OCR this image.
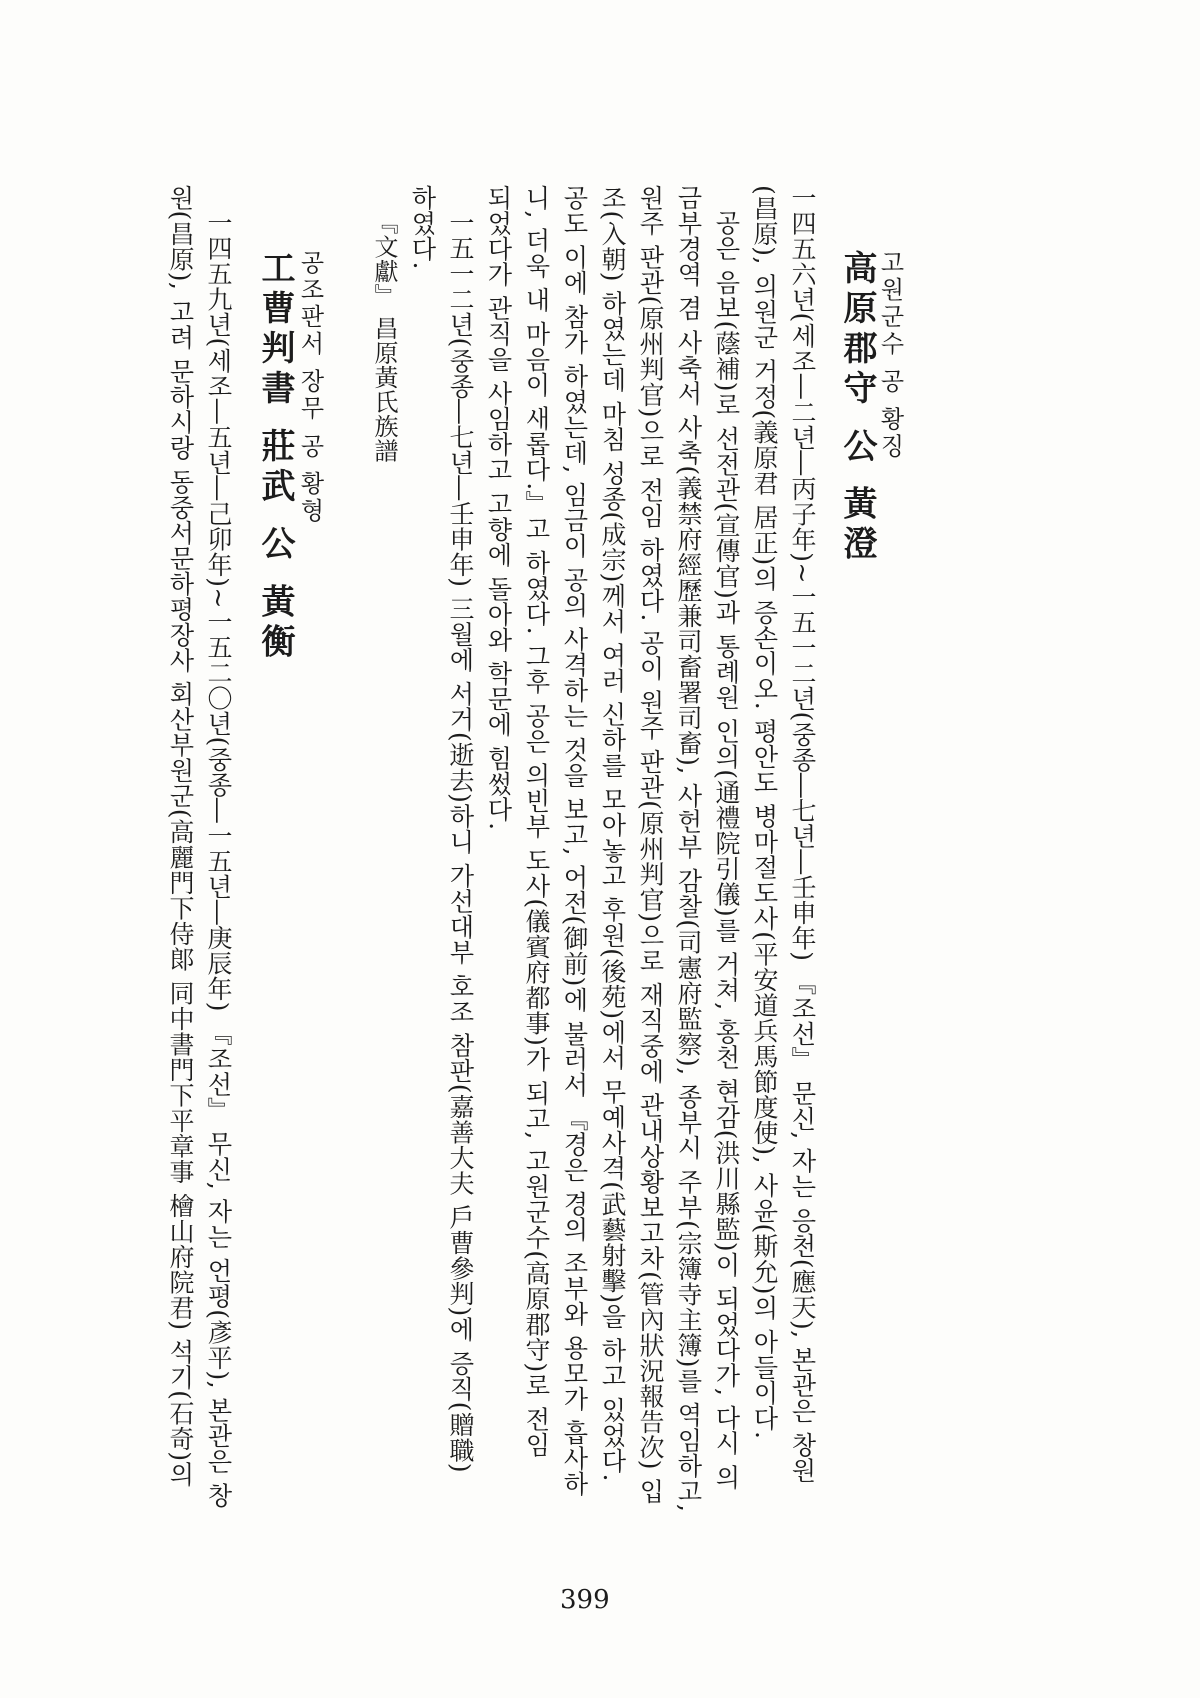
고원군수 공 황징
高原郡守 公 黃澄
一四五六년(세조―二년―丙子年)~一五一二년(중종―七년―壬申年) 『조선』 문신, 자는 응천(應天), 본관은 창원
(昌原), 의원군 거정(義原君 居正)의 증손이오. 평안도 병마절도사(平安道兵馬節度使), 사윤(斯允)의 아들이다.
공은 음보(蔭補)로 선전관(宣傳官)과 통례원 인의(通禮院引儀)를 거쳐, 홍천 현감(洪川縣監)이 되었다가, 다시 의
금부경역 겸 사축서 사축(義禁府經歷兼司畜署司畜), 사헌부 감찰(司憲府監察), 종부시 주부(宗簿寺主簿)를 역임하고,
원주 판관(原州判官)으로 전임 하였다. 공이 원주 판관(原州判官)으로 재직중에 관내상황보고차(管內狀況報告次) 입
조(入朝) 하였는데 마침 성종(成宗)께서 여러 신하를 모아놓고 후원(後苑)에서 무예사격(武藝射擊)을 하고 있었다.
공도 이에 참가 하였는데, 임금이 공의 사격하는 것을 보고, 어전(御前)에 불러서 『경은 경의 조부와 용모가 흡사하
니, 더욱 내 마음이 새롭다.』고 하였다. 그후 공은 의빈부 도사(儀賓府都事)가 되고, 고원군수(高原郡守)로 전임
되었다가 관직을 사임하고 고향에 돌아와 학문에 힘썼다.
一五一二년(중종―七년―壬申年) 三월에 서거(逝去)하니 가선대부 호조 참판(嘉善大夫 戶曹參判)에 증직(贈職)
하였다.
『文獻』 昌原黃氏族譜
공조판서 장무 공 황형
工曹判書 莊武 公 黃衡
一四五九년(세조―五년―己卯年)~一五二〇년(중종―一五년―庚辰年) 『조선』 무신, 자는 언평(彥平), 본관은 창
원(昌原), 고려 문하시랑 동중서문하평장사 회산부원군(高麗門下侍郞 同中書門下平章事 檜山府院君) 석기(石奇)의
399
